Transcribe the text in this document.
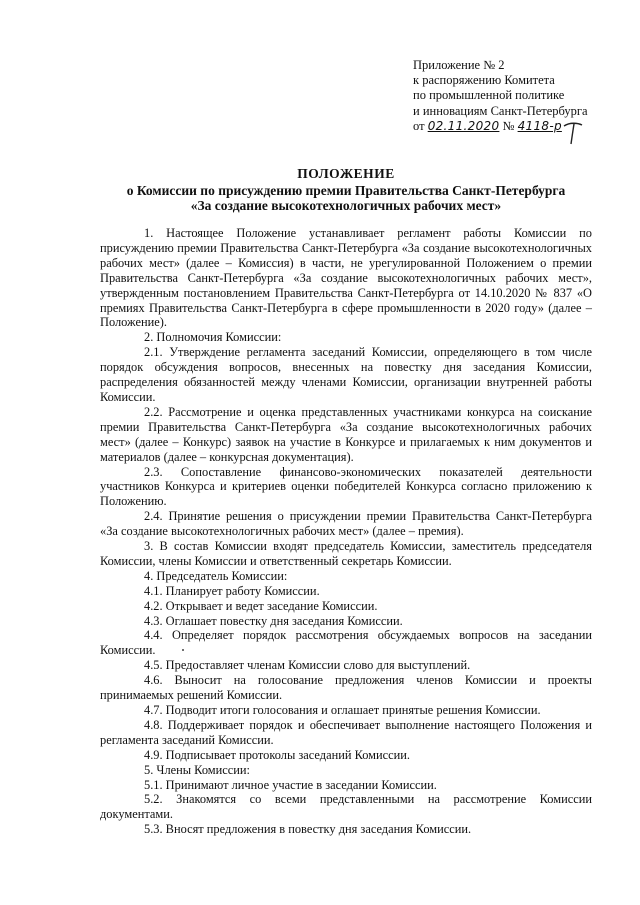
Приложение № 2
к распоряжению Комитета
по промышленной политике
и инновациям Санкт-Петербурга
от 02.11.2020 № 4118-р
ПОЛОЖЕНИЕ
о Комиссии по присуждению премии Правительства Санкт-Петербурга
«За создание высокотехнологичных рабочих мест»

1. Настоящее Положение устанавливает регламент работы Комиссии по присуждению премии Правительства Санкт-Петербурга «За создание высокотехнологичных рабочих мест» (далее – Комиссия) в части, не урегулированной Положением о премии Правительства Санкт-Петербурга «За создание высокотехнологичных рабочих мест», утвержденным постановлением Правительства Санкт-Петербурга от 14.10.2020 № 837 «О премиях Правительства Санкт-Петербурга в сфере промышленности в 2020 году» (далее – Положение).

2. Полномочия Комиссии:

2.1. Утверждение регламента заседаний Комиссии, определяющего в том числе порядок обсуждения вопросов, внесенных на повестку дня заседания Комиссии, распределения обязанностей между членами Комиссии, организации внутренней работы Комиссии.

2.2. Рассмотрение и оценка представленных участниками конкурса на соискание премии Правительства Санкт-Петербурга «За создание высокотехнологичных рабочих мест» (далее – Конкурс) заявок на участие в Конкурсе и прилагаемых к ним документов и материалов (далее – конкурсная документация).

2.3. Сопоставление финансово-экономических показателей деятельности участников Конкурса и критериев оценки победителей Конкурса согласно приложению к Положению.

2.4. Принятие решения о присуждении премии Правительства Санкт-Петербурга «За создание высокотехнологичных рабочих мест» (далее – премия).

3. В состав Комиссии входят председатель Комиссии, заместитель председателя Комиссии, члены Комиссии и ответственный секретарь Комиссии.

4. Председатель Комиссии:

4.1. Планирует работу Комиссии.

4.2. Открывает и ведет заседание Комиссии.

4.3. Оглашает повестку дня заседания Комиссии.

4.4. Определяет порядок рассмотрения обсуждаемых вопросов на заседании Комиссии.

4.5. Предоставляет членам Комиссии слово для выступлений.

4.6. Выносит на голосование предложения членов Комиссии и проекты принимаемых решений Комиссии.

4.7. Подводит итоги голосования и оглашает принятые решения Комиссии.

4.8. Поддерживает порядок и обеспечивает выполнение настоящего Положения и регламента заседаний Комиссии.

4.9. Подписывает протоколы заседаний Комиссии.

5. Члены Комиссии:

5.1. Принимают личное участие в заседании Комиссии.

5.2. Знакомятся со всеми представленными на рассмотрение Комиссии документами.

5.3. Вносят предложения в повестку дня заседания Комиссии.
